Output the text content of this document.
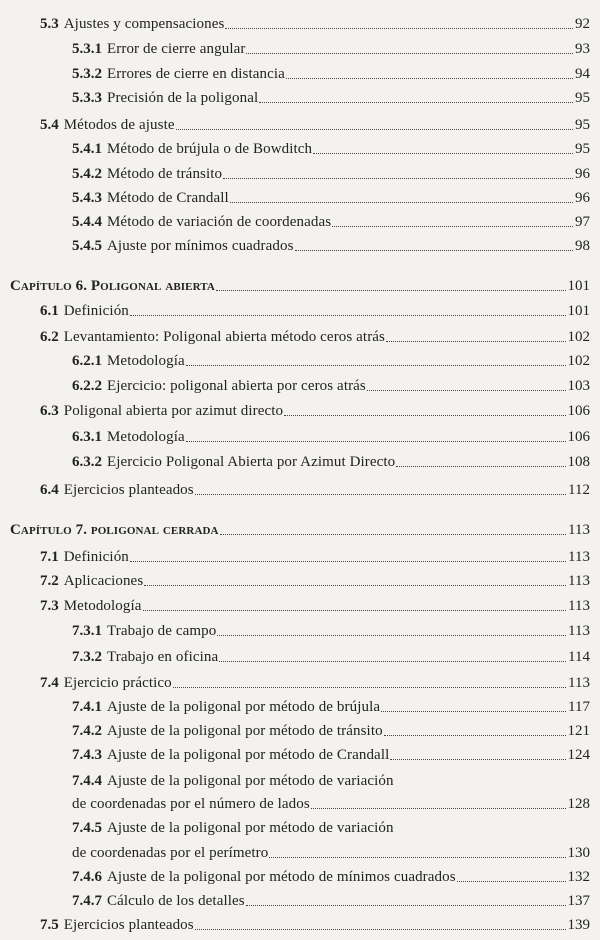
5.3 Ajustes y compensaciones	92
5.3.1 Error de cierre angular	93
5.3.2 Errores de cierre en distancia	94
5.3.3 Precisión de la poligonal	95
5.4 Métodos de ajuste	95
5.4.1 Método de brújula o de Bowditch	95
5.4.2 Método de tránsito	96
5.4.3 Método de Crandall	96
5.4.4 Método de variación de coordenadas	97
5.4.5 Ajuste por mínimos cuadrados	98
Capítulo 6. Poligonal abierta	101
6.1 Definición	101
6.2 Levantamiento: Poligonal abierta método ceros atrás	102
6.2.1 Metodología	102
6.2.2 Ejercicio: poligonal abierta por ceros atrás	103
6.3 Poligonal abierta por azimut directo	106
6.3.1 Metodología	106
6.3.2 Ejercicio Poligonal Abierta por Azimut Directo	108
6.4 Ejercicios planteados	112
Capítulo 7. poligonal cerrada	113
7.1 Definición	113
7.2 Aplicaciones	113
7.3 Metodología	113
7.3.1 Trabajo de campo	113
7.3.2 Trabajo en oficina	114
7.4 Ejercicio práctico	113
7.4.1 Ajuste de la poligonal por método de brújula	117
7.4.2 Ajuste de la poligonal por método de tránsito	121
7.4.3 Ajuste de la poligonal por método de Crandall	124
7.4.4 Ajuste de la poligonal por método de variación
de coordenadas por el número de lados	128
7.4.5 Ajuste de la poligonal por método de variación
de coordenadas por el perímetro	130
7.4.6 Ajuste de la poligonal por método de mínimos cuadrados	132
7.4.7 Cálculo de los detalles	137
7.5 Ejercicios planteados	139
